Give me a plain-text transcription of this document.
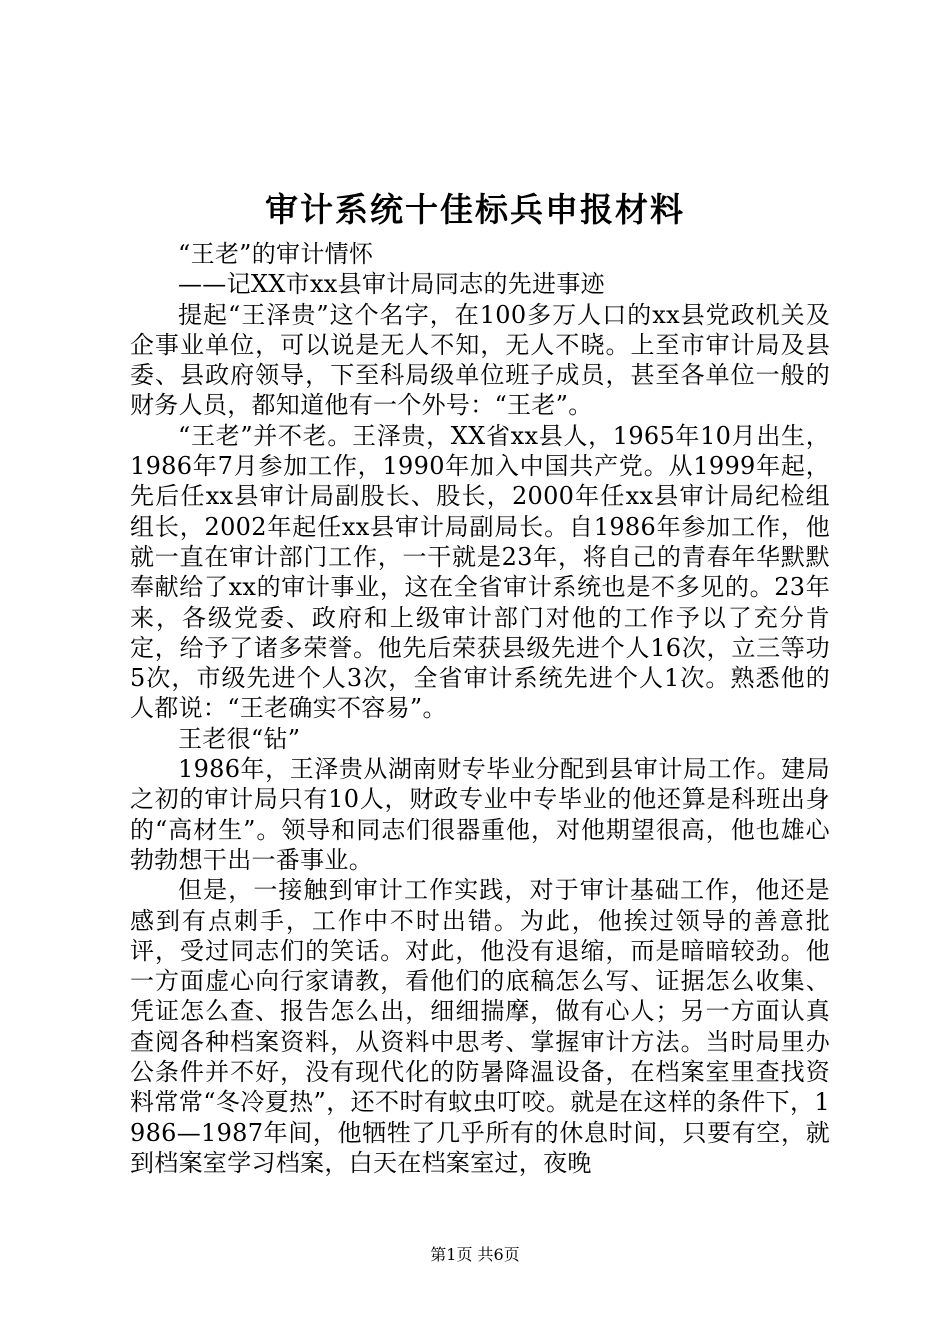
审计系统十佳标兵申报材料

“王老”的审计情怀

——记XX市xx县审计局同志的先进事迹

提起“王泽贵”这个名字，在100多万人口的xx县党政机关及企事业单位，可以说是无人不知，无人不晓。上至市审计局及县委、县政府领导，下至科局级单位班子成员，甚至各单位一般的财务人员，都知道他有一个外号：“王老”。

“王老”并不老。王泽贵，XX省xx县人，1965年10月出生，1986年7月参加工作，1990年加入中国共产党。从1999年起，先后任xx县审计局副股长、股长，2000年任xx县审计局纪检组组长，2002年起任xx县审计局副局长。自1986年参加工作，他就一直在审计部门工作，一干就是23年，将自己的青春年华默默奉献给了xx的审计事业，这在全省审计系统也是不多见的。23年来，各级党委、政府和上级审计部门对他的工作予以了充分肯定，给予了诸多荣誉。他先后荣获县级先进个人16次，立三等功5次，市级先进个人3次，全省审计系统先进个人1次。熟悉他的人都说：“王老确实不容易”。

王老很“钻”

1986年，王泽贵从湖南财专毕业分配到县审计局工作。建局之初的审计局只有10人，财政专业中专毕业的他还算是科班出身的“高材生”。领导和同志们很器重他，对他期望很高，他也雄心勃勃想干出一番事业。

但是，一接触到审计工作实践，对于审计基础工作，他还是感到有点刺手，工作中不时出错。为此，他挨过领导的善意批评，受过同志们的笑话。对此，他没有退缩，而是暗暗较劲。他一方面虚心向行家请教，看他们的底稿怎么写、证据怎么收集、凭证怎么查、报告怎么出，细细揣摩，做有心人；另一方面认真查阅各种档案资料，从资料中思考、掌握审计方法。当时局里办公条件并不好，没有现代化的防暑降温设备，在档案室里查找资料常常“冬冷夏热”，还不时有蚊虫叮咬。就是在这样的条件下，1986—1987年间，他牺牲了几乎所有的休息时间，只要有空，就到档案室学习档案，白天在档案室过，夜晚

第1页 共6页
